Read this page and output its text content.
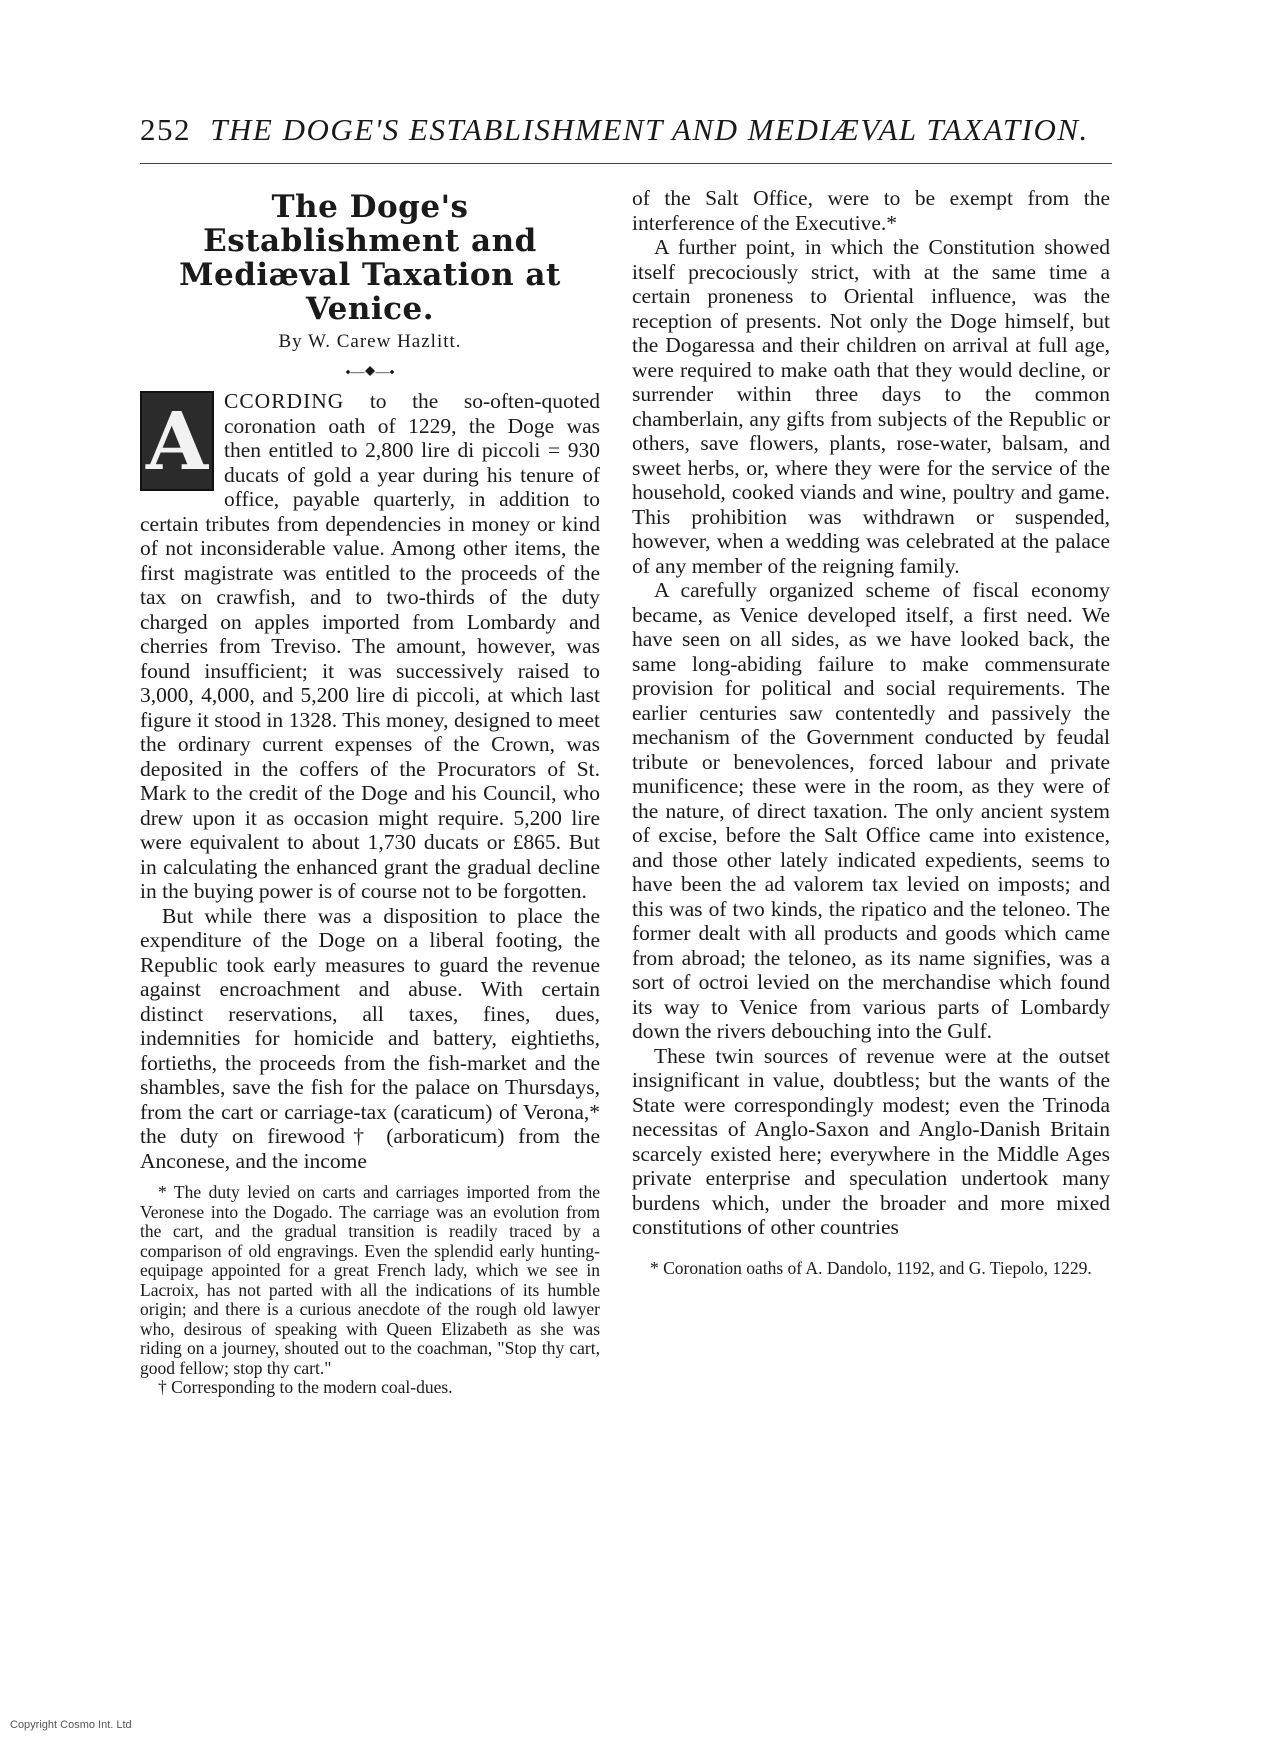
252 THE DOGE'S ESTABLISHMENT AND MEDIÆVAL TAXATION.
The Doge's Establishment and
Mediæval Taxation at Venice.
By W. Carew Hazlitt.
⬩—◆—⬩

A CCORDING to the so-often-quoted coronation oath of 1229, the Doge was then entitled to 2,800 lire di piccoli = 930 ducats of gold a year during his tenure of office, payable quarterly, in addition to certain tributes from dependencies in money or kind of not inconsiderable value. Among other items, the first magistrate was entitled to the proceeds of the tax on crawfish, and to two-thirds of the duty charged on apples imported from Lombardy and cherries from Treviso. The amount, however, was found insufficient; it was successively raised to 3,000, 4,000, and 5,200 lire di piccoli, at which last figure it stood in 1328. This money, designed to meet the ordinary current expenses of the Crown, was deposited in the coffers of the Procurators of St. Mark to the credit of the Doge and his Council, who drew upon it as occasion might require. 5,200 lire were equivalent to about 1,730 ducats or £865. But in calculating the enhanced grant the gradual decline in the buying power is of course not to be forgotten.

But while there was a disposition to place the expenditure of the Doge on a liberal footing, the Republic took early measures to guard the revenue against encroachment and abuse. With certain distinct reservations, all taxes, fines, dues, indemnities for homicide and battery, eightieths, fortieths, the proceeds from the fish-market and the shambles, save the fish for the palace on Thursdays, from the cart or carriage-tax (caraticum) of Verona,* the duty on firewood† (arboraticum) from the Anconese, and the income

* The duty levied on carts and carriages imported from the Veronese into the Dogado. The carriage was an evolution from the cart, and the gradual transition is readily traced by a comparison of old engravings. Even the splendid early hunting-equipage appointed for a great French lady, which we see in Lacroix, has not parted with all the indications of its humble origin; and there is a curious anecdote of the rough old lawyer who, desirous of speaking with Queen Elizabeth as she was riding on a journey, shouted out to the coachman, "Stop thy cart, good fellow; stop thy cart."

† Corresponding to the modern coal-dues.

of the Salt Office, were to be exempt from the interference of the Executive.*

A further point, in which the Constitution showed itself precociously strict, with at the same time a certain proneness to Oriental influence, was the reception of presents. Not only the Doge himself, but the Dogaressa and their children on arrival at full age, were required to make oath that they would decline, or surrender within three days to the common chamberlain, any gifts from subjects of the Republic or others, save flowers, plants, rose-water, balsam, and sweet herbs, or, where they were for the service of the household, cooked viands and wine, poultry and game. This prohibition was withdrawn or suspended, however, when a wedding was celebrated at the palace of any member of the reigning family.

A carefully organized scheme of fiscal economy became, as Venice developed itself, a first need. We have seen on all sides, as we have looked back, the same long-abiding failure to make commensurate provision for political and social requirements. The earlier centuries saw contentedly and passively the mechanism of the Government conducted by feudal tribute or benevolences, forced labour and private munificence; these were in the room, as they were of the nature, of direct taxation. The only ancient system of excise, before the Salt Office came into existence, and those other lately indicated expedients, seems to have been the ad valorem tax levied on imposts; and this was of two kinds, the ripatico and the teloneo. The former dealt with all products and goods which came from abroad; the teloneo, as its name signifies, was a sort of octroi levied on the merchandise which found its way to Venice from various parts of Lombardy down the rivers debouching into the Gulf.

These twin sources of revenue were at the outset insignificant in value, doubtless; but the wants of the State were correspondingly modest; even the Trinoda necessitas of Anglo-Saxon and Anglo-Danish Britain scarcely existed here; everywhere in the Middle Ages private enterprise and speculation undertook many burdens which, under the broader and more mixed constitutions of other countries

* Coronation oaths of A. Dandolo, 1192, and G. Tiepolo, 1229.

Copyright Cosmo Int. Ltd
